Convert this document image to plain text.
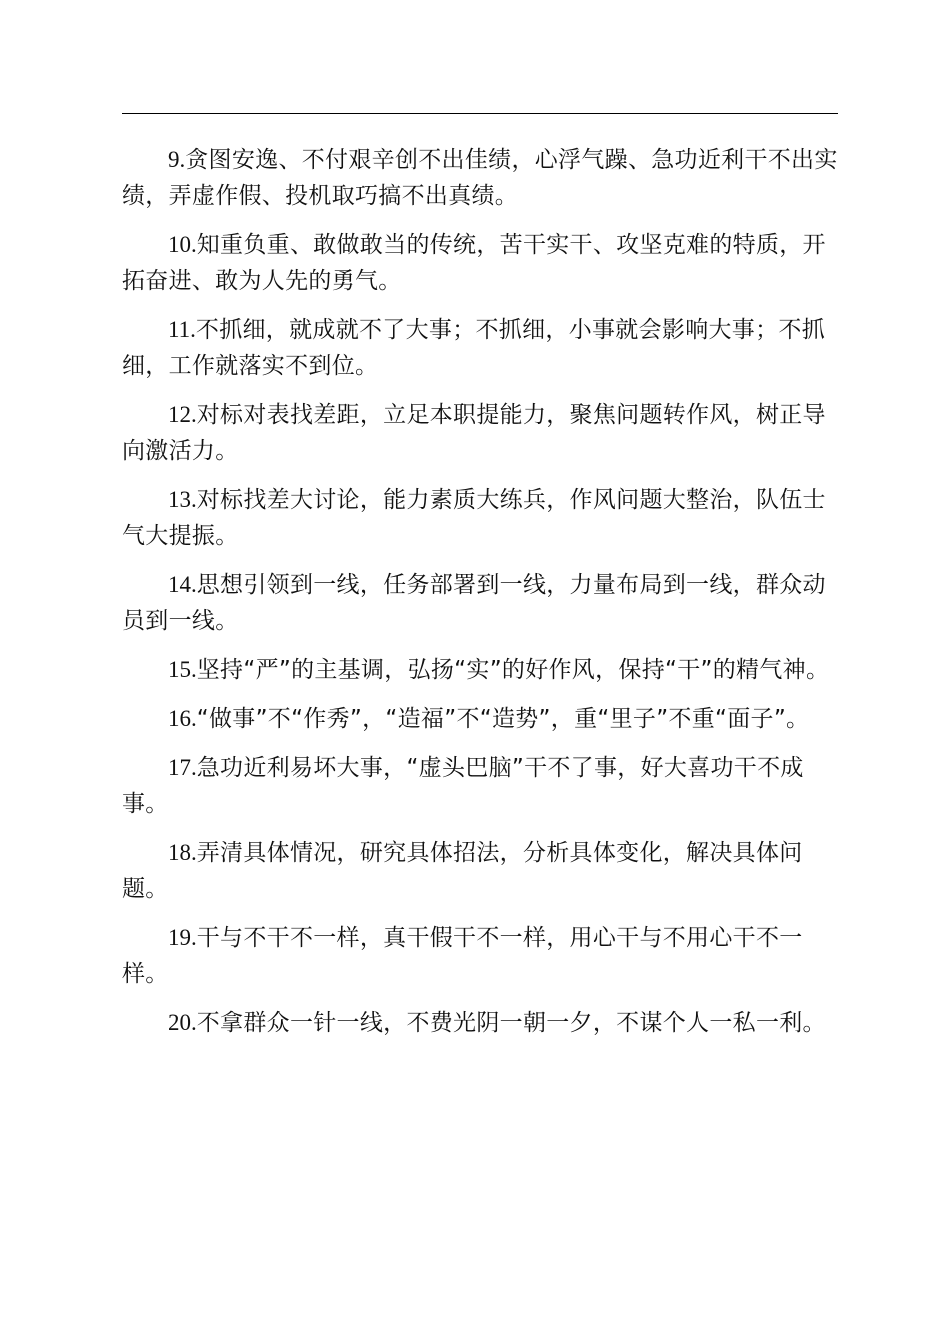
9.贪图安逸、不付艰辛创不出佳绩，心浮气躁、急功近利干不出实绩，弄虚作假、投机取巧搞不出真绩。

10.知重负重、敢做敢当的传统，苦干实干、攻坚克难的特质，开拓奋进、敢为人先的勇气。

11.不抓细，就成就不了大事；不抓细，小事就会影响大事；不抓细，工作就落实不到位。

12.对标对表找差距，立足本职提能力，聚焦问题转作风，树正导向激活力。

13.对标找差大讨论，能力素质大练兵，作风问题大整治，队伍士气大提振。

14.思想引领到一线，任务部署到一线，力量布局到一线，群众动员到一线。

15.坚持“严”的主基调，弘扬“实”的好作风，保持“干”的精气神。

16.“做事”不“作秀”，“造福”不“造势”，重“里子”不重“面子”。

17.急功近利易坏大事，“虚头巴脑”干不了事，好大喜功干不成事。

18.弄清具体情况，研究具体招法，分析具体变化，解决具体问题。

19.干与不干不一样，真干假干不一样，用心干与不用心干不一样。

20.不拿群众一针一线，不费光阴一朝一夕，不谋个人一私一利。
